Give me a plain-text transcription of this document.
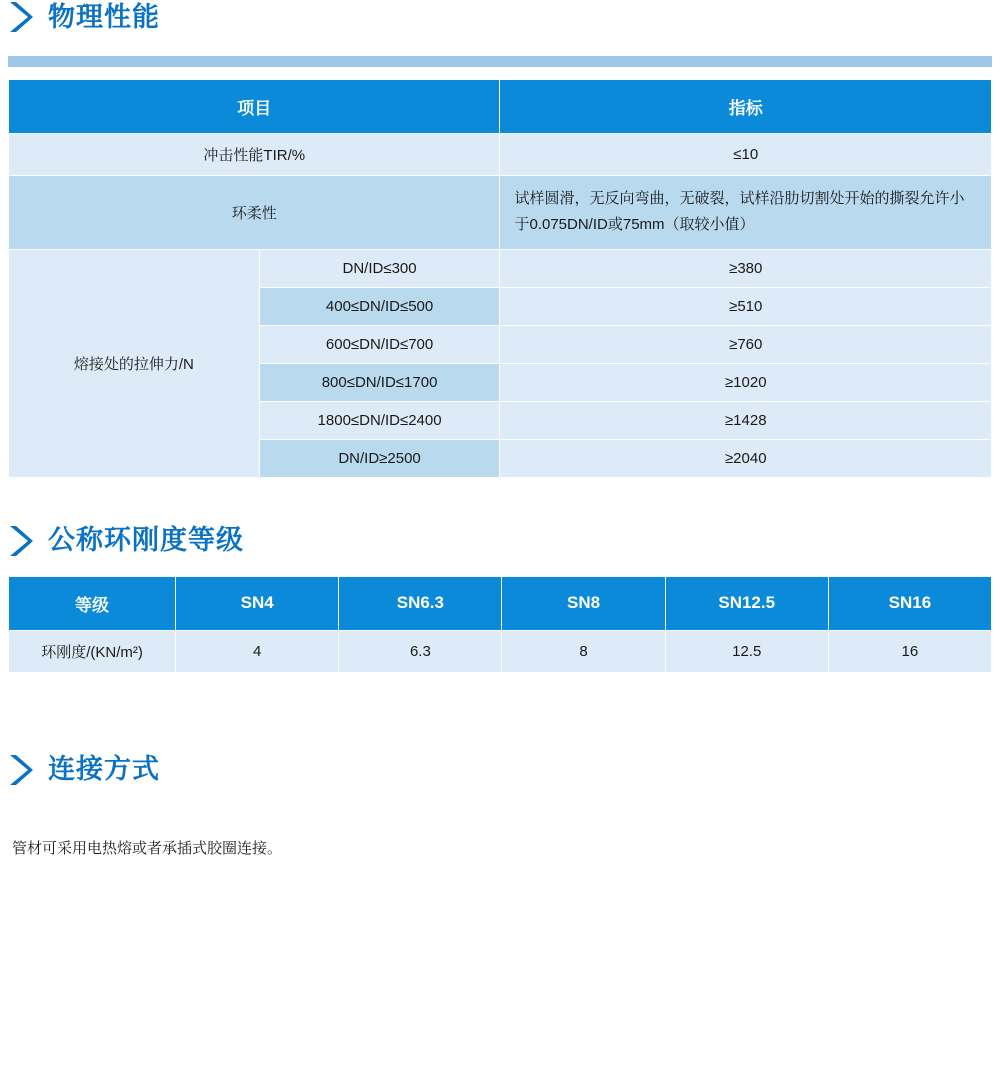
物理性能
项目		指标
冲击性能TIR/%		≤10
环柔性		试样圆滑，无反向弯曲，无破裂，试样沿肋切割处开始的撕裂允许小于0.075DN/ID或75mm（取较小值）
熔接处的拉伸力/N	DN/ID≤300	≥380
	400≤DN/ID≤500	≥510
	600≤DN/ID≤700	≥760
	800≤DN/ID≤1700	≥1020
	1800≤DN/ID≤2400	≥1428
	DN/ID≥2500	≥2040
公称环刚度等级
等级	SN4	SN6.3	SN8	SN12.5	SN16
环刚度/(KN/m²)	4	6.3	8	12.5	16
连接方式
管材可采用电热熔或者承插式胶圈连接。
